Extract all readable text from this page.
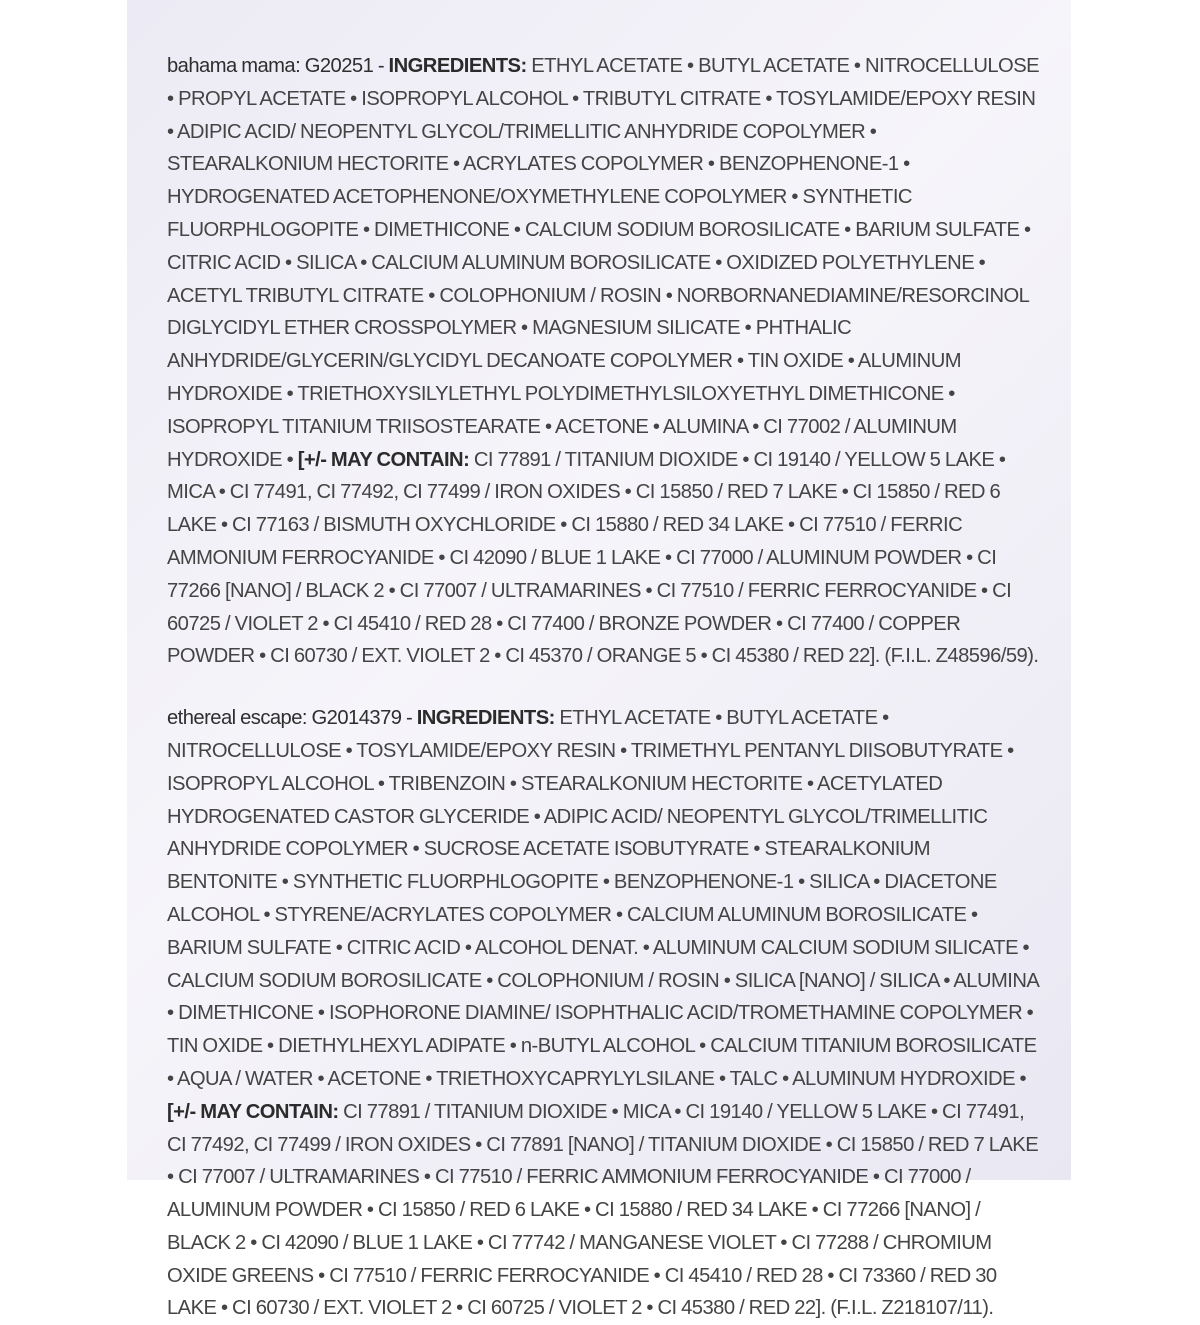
bahama mama: G20251 - INGREDIENTS: ETHYL ACETATE • BUTYL ACETATE • NITROCELLULOSE • PROPYL ACETATE • ISOPROPYL ALCOHOL • TRIBUTYL CITRATE • TOSYLAMIDE/EPOXY RESIN • ADIPIC ACID/ NEOPENTYL GLYCOL/TRIMELLITIC ANHYDRIDE COPOLYMER • STEARALKONIUM HECTORITE • ACRYLATES COPOLYMER • BENZOPHENONE-1 • HYDROGENATED ACETOPHENONE/OXYMETHYLENE COPOLYMER • SYNTHETIC FLUORPHLOGOPITE • DIMETHICONE • CALCIUM SODIUM BOROSILICATE • BARIUM SULFATE • CITRIC ACID • SILICA • CALCIUM ALUMINUM BOROSILICATE • OXIDIZED POLYETHYLENE • ACETYL TRIBUTYL CITRATE • COLOPHONIUM / ROSIN • NORBORNANEDIAMINE/RESORCINOL DIGLYCIDYL ETHER CROSSPOLYMER • MAGNESIUM SILICATE • PHTHALIC ANHYDRIDE/GLYCERIN/GLYCIDYL DECANOATE COPOLYMER • TIN OXIDE • ALUMINUM HYDROXIDE • TRIETHOXYSILYLETHYL POLYDIMETHYLSILOXYETHYL DIMETHICONE • ISOPROPYL TITANIUM TRIISOSTEARATE • ACETONE • ALUMINA • CI 77002 / ALUMINUM HYDROXIDE • [+/- MAY CONTAIN: CI 77891 / TITANIUM DIOXIDE • CI 19140 / YELLOW 5 LAKE • MICA • CI 77491, CI 77492, CI 77499 / IRON OXIDES • CI 15850 / RED 7 LAKE • CI 15850 / RED 6 LAKE • CI 77163 / BISMUTH OXYCHLORIDE • CI 15880 / RED 34 LAKE • CI 77510 / FERRIC AMMONIUM FERROCYANIDE • CI 42090 / BLUE 1 LAKE • CI 77000 / ALUMINUM POWDER • CI 77266 [NANO] / BLACK 2 • CI 77007 / ULTRAMARINES • CI 77510 / FERRIC FERROCYANIDE • CI 60725 / VIOLET 2 • CI 45410 / RED 28 • CI 77400 / BRONZE POWDER • CI 77400 / COPPER POWDER • CI 60730 / EXT. VIOLET 2 • CI 45370 / ORANGE 5 • CI 45380 / RED 22]. (F.I.L. Z48596/59).

ethereal escape: G2014379 - INGREDIENTS: ETHYL ACETATE • BUTYL ACETATE • NITROCELLULOSE • TOSYLAMIDE/EPOXY RESIN • TRIMETHYL PENTANYL DIISOBUTYRATE • ISOPROPYL ALCOHOL • TRIBENZOIN • STEARALKONIUM HECTORITE • ACETYLATED HYDROGENATED CASTOR GLYCERIDE • ADIPIC ACID/ NEOPENTYL GLYCOL/TRIMELLITIC ANHYDRIDE COPOLYMER • SUCROSE ACETATE ISOBUTYRATE • STEARALKONIUM BENTONITE • SYNTHETIC FLUORPHLOGOPITE • BENZOPHENONE-1 • SILICA • DIACETONE ALCOHOL • STYRENE/ACRYLATES COPOLYMER • CALCIUM ALUMINUM BOROSILICATE • BARIUM SULFATE • CITRIC ACID • ALCOHOL DENAT. • ALUMINUM CALCIUM SODIUM SILICATE • CALCIUM SODIUM BOROSILICATE • COLOPHONIUM / ROSIN • SILICA [NANO] / SILICA • ALUMINA • DIMETHICONE • ISOPHORONE DIAMINE/ ISOPHTHALIC ACID/TROMETHAMINE COPOLYMER • TIN OXIDE • DIETHYLHEXYL ADIPATE • n-BUTYL ALCOHOL • CALCIUM TITANIUM BOROSILICATE • AQUA / WATER • ACETONE • TRIETHOXYCAPRYLYLSILANE • TALC • ALUMINUM HYDROXIDE • [+/- MAY CONTAIN: CI 77891 / TITANIUM DIOXIDE • MICA • CI 19140 / YELLOW 5 LAKE • CI 77491, CI 77492, CI 77499 / IRON OXIDES • CI 77891 [NANO] / TITANIUM DIOXIDE • CI 15850 / RED 7 LAKE • CI 77007 / ULTRAMARINES • CI 77510 / FERRIC AMMONIUM FERROCYANIDE • CI 77000 / ALUMINUM POWDER • CI 15850 / RED 6 LAKE • CI 15880 / RED 34 LAKE • CI 77266 [NANO] / BLACK 2 • CI 42090 / BLUE 1 LAKE • CI 77742 / MANGANESE VIOLET • CI 77288 / CHROMIUM OXIDE GREENS • CI 77510 / FERRIC FERROCYANIDE • CI 45410 / RED 28 • CI 73360 / RED 30 LAKE • CI 60730 / EXT. VIOLET 2 • CI 60725 / VIOLET 2 • CI 45380 / RED 22]. (F.I.L. Z218107/11).
